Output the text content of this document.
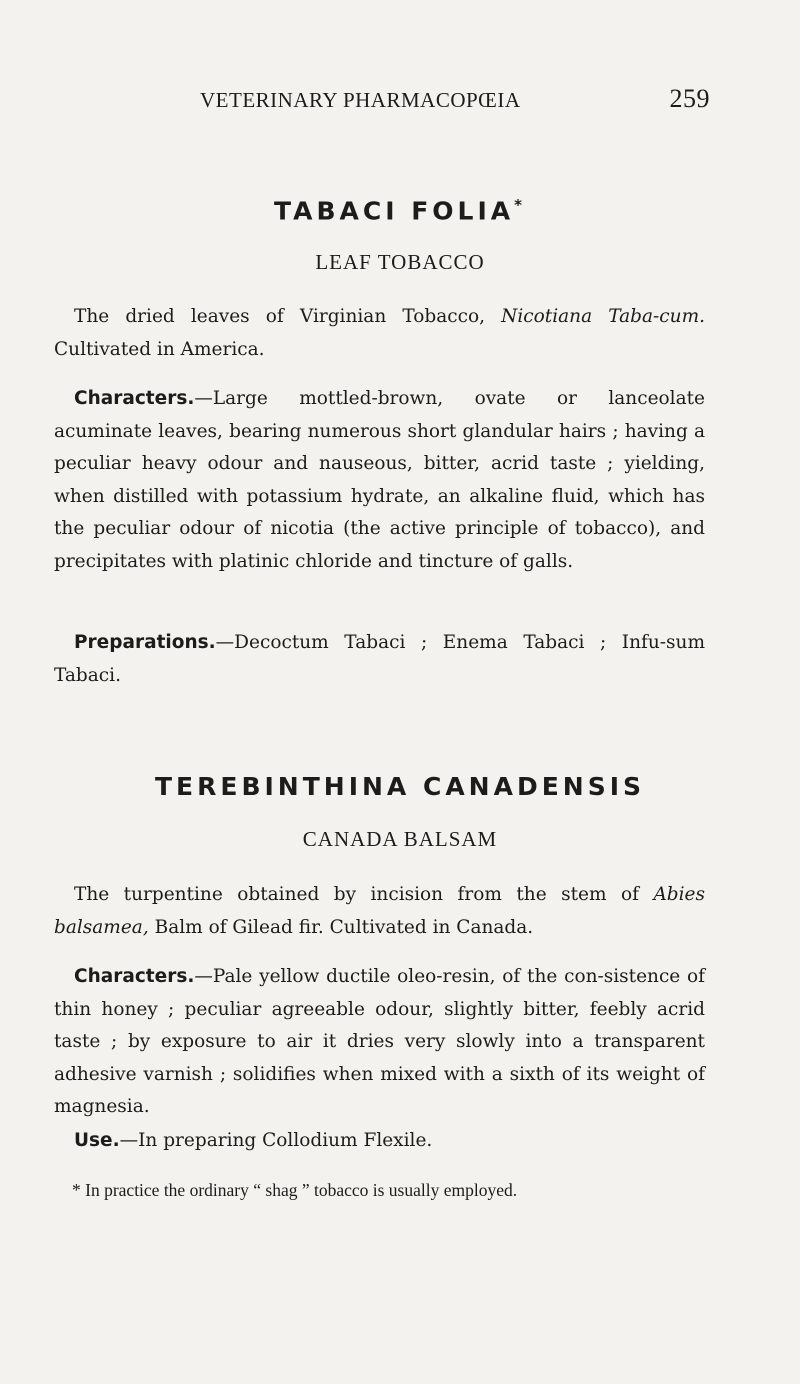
VETERINARY PHARMACOPŒIA	259
TABACI FOLIA*
LEAF TOBACCO
The dried leaves of Virginian Tobacco, Nicotiana Taba-cum. Cultivated in America.
Characters.—Large mottled-brown, ovate or lanceolate acuminate leaves, bearing numerous short glandular hairs ; having a peculiar heavy odour and nauseous, bitter, acrid taste ; yielding, when distilled with potassium hydrate, an alkaline fluid, which has the peculiar odour of nicotia (the active principle of tobacco), and precipitates with platinic chloride and tincture of galls.
Preparations.—Decoctum Tabaci ; Enema Tabaci ; Infu-sum Tabaci.
TEREBINTHINA CANADENSIS
CANADA BALSAM
The turpentine obtained by incision from the stem of Abies balsamea, Balm of Gilead fir. Cultivated in Canada.
Characters.—Pale yellow ductile oleo-resin, of the con-sistence of thin honey ; peculiar agreeable odour, slightly bitter, feebly acrid taste ; by exposure to air it dries very slowly into a transparent adhesive varnish ; solidifies when mixed with a sixth of its weight of magnesia.
Use.—In preparing Collodium Flexile.
* In practice the ordinary “ shag ” tobacco is usually employed.
